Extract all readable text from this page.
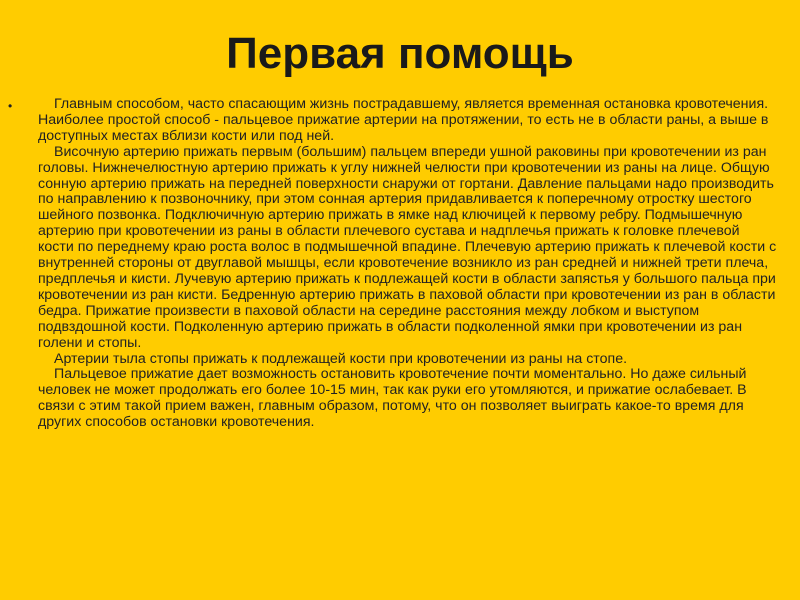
Первая помощь
•	Главным способом, часто спасающим жизнь пострадавшему, является временная остановка кровотечения. Наиболее простой способ - пальцевое прижатие артерии на протяжении, то есть не в области раны, а выше в доступных местах вблизи кости или под ней.

Височную артерию прижать первым (большим) пальцем впереди ушной раковины при кровотечении из ран головы. Нижнечелюстную артерию прижать к углу нижней челюсти при кровотечении из раны на лице. Общую сонную артерию прижать на передней поверхности снаружи от гортани. Давление пальцами надо производить по направлению к позвоночнику, при этом сонная артерия придавливается к поперечному отростку шестого шейного позвонка. Подключичную артерию прижать в ямке над ключицей к первому ребру. Подмышечную артерию при кровотечении из раны в области плечевого сустава и надплечья прижать к головке плечевой кости по переднему краю роста волос в подмышечной впадине. Плечевую артерию прижать к плечевой кости с внутренней стороны от двуглавой мышцы, если кровотечение возникло из ран средней и нижней трети плеча, предплечья и кисти. Лучевую артерию прижать к подлежащей кости в области запястья у большого пальца при кровотечении из ран кисти. Бедренную артерию прижать в паховой области при кровотечении из ран в области бедра. Прижатие произвести в паховой области на середине расстояния между лобком и выступом подвздошной кости. Подколенную артерию прижать в области подколенной ямки при кровотечении из ран голени и стопы.

Артерии тыла стопы прижать к подлежащей кости при кровотечении из раны на стопе.

Пальцевое прижатие дает возможность остановить кровотечение почти моментально. Но даже сильный человек не может продолжать его более 10-15 мин, так как руки его утомляются, и прижатие ослабевает. В связи с этим такой прием важен, главным образом, потому, что он позволяет выиграть какое-то время для других способов остановки кровотечения.
